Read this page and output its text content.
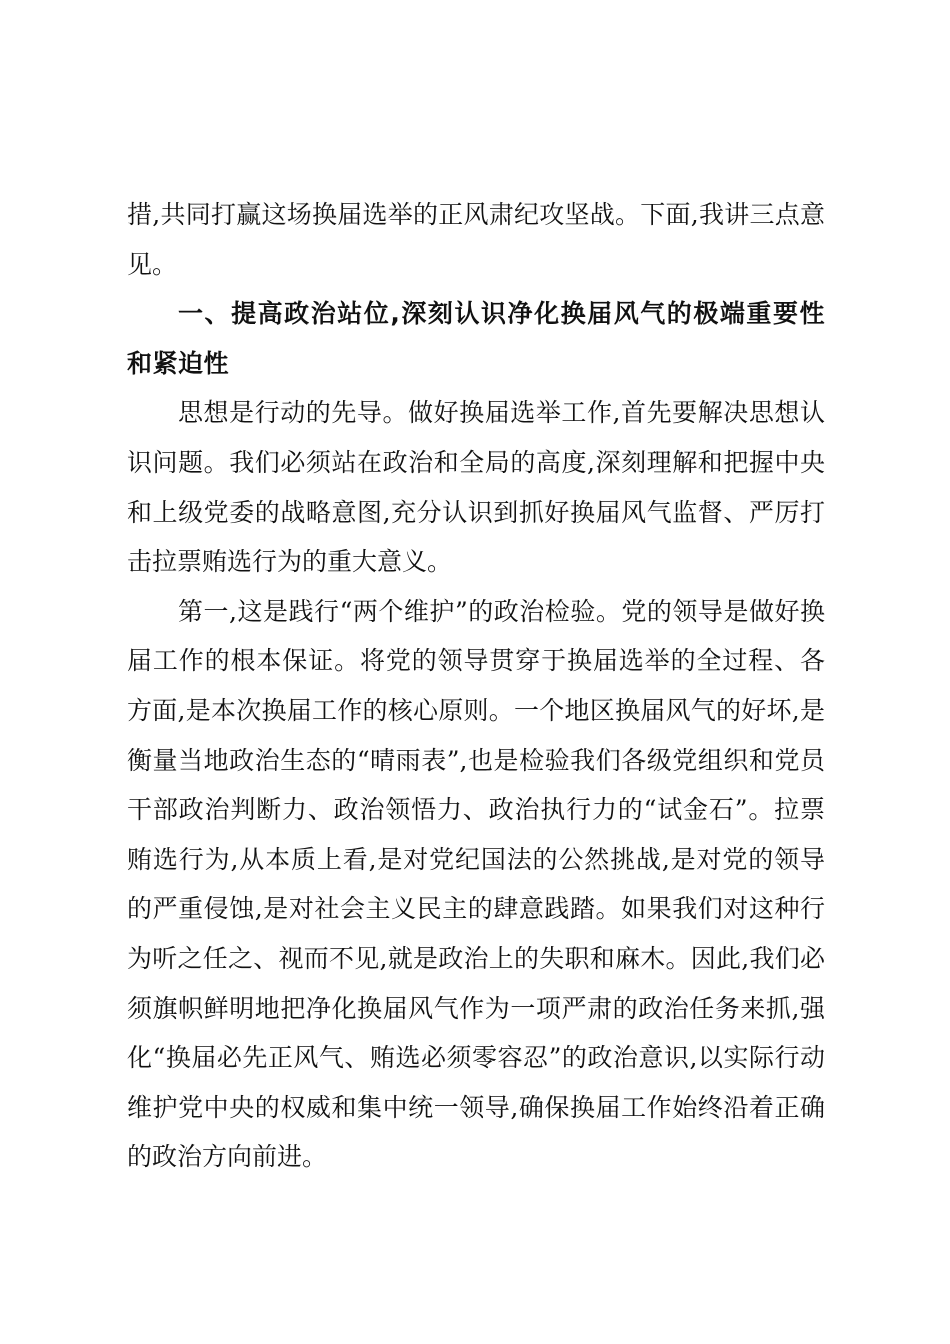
措,共同打赢这场换届选举的正风肃纪攻坚战。下面,我讲三点意见。

一、提高政治站位,深刻认识净化换届风气的极端重要性和紧迫性

思想是行动的先导。做好换届选举工作,首先要解决思想认识问题。我们必须站在政治和全局的高度,深刻理解和把握中央和上级党委的战略意图,充分认识到抓好换届风气监督、严厉打击拉票贿选行为的重大意义。

第一,这是践行“两个维护”的政治检验。党的领导是做好换届工作的根本保证。将党的领导贯穿于换届选举的全过程、各方面,是本次换届工作的核心原则。一个地区换届风气的好坏,是衡量当地政治生态的“晴雨表”,也是检验我们各级党组织和党员干部政治判断力、政治领悟力、政治执行力的“试金石”。拉票贿选行为,从本质上看,是对党纪国法的公然挑战,是对党的领导的严重侵蚀,是对社会主义民主的肆意践踏。如果我们对这种行为听之任之、视而不见,就是政治上的失职和麻木。因此,我们必须旗帜鲜明地把净化换届风气作为一项严肃的政治任务来抓,强化“换届必先正风气、贿选必须零容忍”的政治意识,以实际行动维护党中央的权威和集中统一领导,确保换届工作始终沿着正确的政治方向前进。
